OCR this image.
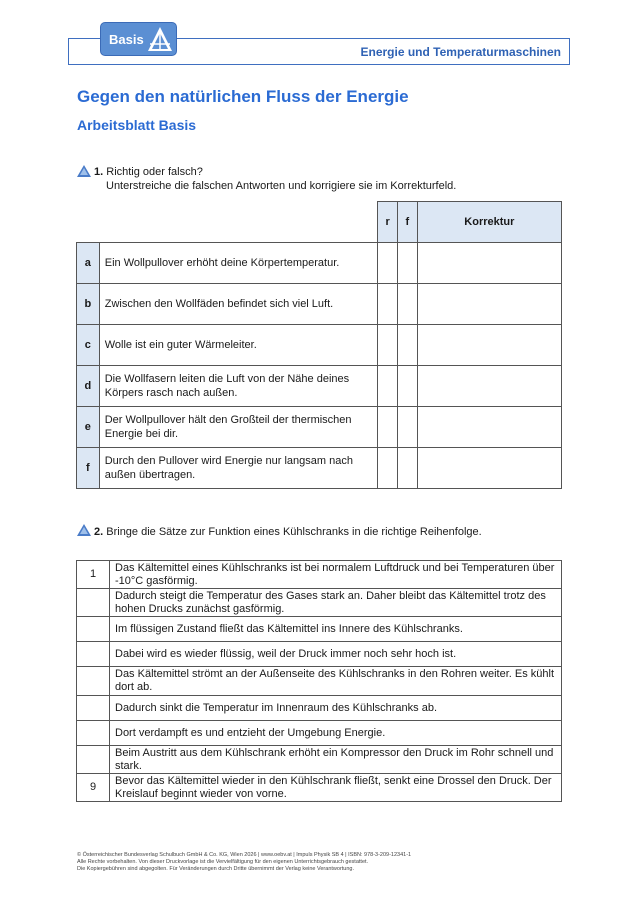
Energie und Temperaturmaschinen
Basis
Gegen den natürlichen Fluss der Energie
Arbeitsblatt Basis
1. Richtig oder falsch?
Unterstreiche die falschen Antworten und korrigiere sie im Korrekturfeld.
		r	f	Korrektur
a	Ein Wollpullover erhöht deine Körpertemperatur.			
b	Zwischen den Wollfäden befindet sich viel Luft.			
c	Wolle ist ein guter Wärmeleiter.			
d	Die Wollfasern leiten die Luft von der Nähe deines Körpers rasch nach außen.			
e	Der Wollpullover hält den Großteil der thermischen Energie bei dir.			
f	Durch den Pullover wird Energie nur langsam nach außen übertragen.			
2. Bringe die Sätze zur Funktion eines Kühlschranks in die richtige Reihenfolge.
1	Das Kältemittel eines Kühlschranks ist bei normalem Luftdruck und bei Temperaturen über -10°C gasförmig.
	Dadurch steigt die Temperatur des Gases stark an. Daher bleibt das Kältemittel trotz des hohen Drucks zunächst gasförmig.
	Im flüssigen Zustand fließt das Kältemittel ins Innere des Kühlschranks.
	Dabei wird es wieder flüssig, weil der Druck immer noch sehr hoch ist.
	Das Kältemittel strömt an der Außenseite des Kühlschranks in den Rohren weiter. Es kühlt dort ab.
	Dadurch sinkt die Temperatur im Innenraum des Kühlschranks ab.
	Dort verdampft es und entzieht der Umgebung Energie.
	Beim Austritt aus dem Kühlschrank erhöht ein Kompressor den Druck im Rohr schnell und stark.
9	Bevor das Kältemittel wieder in den Kühlschrank fließt, senkt eine Drossel den Druck. Der Kreislauf beginnt wieder von vorne.
© Österreichischer Bundesverlag Schulbuch GmbH & Co. KG, Wien 2026 | www.oebv.at | Impuls Physik SB 4 | ISBN: 978-3-209-12341-1
Alle Rechte vorbehalten. Von dieser Druckvorlage ist die Vervielfältigung für den eigenen Unterrichtsgebrauch gestattet.
Die Kopiergebühren sind abgegolten. Für Veränderungen durch Dritte übernimmt der Verlag keine Verantwortung.
